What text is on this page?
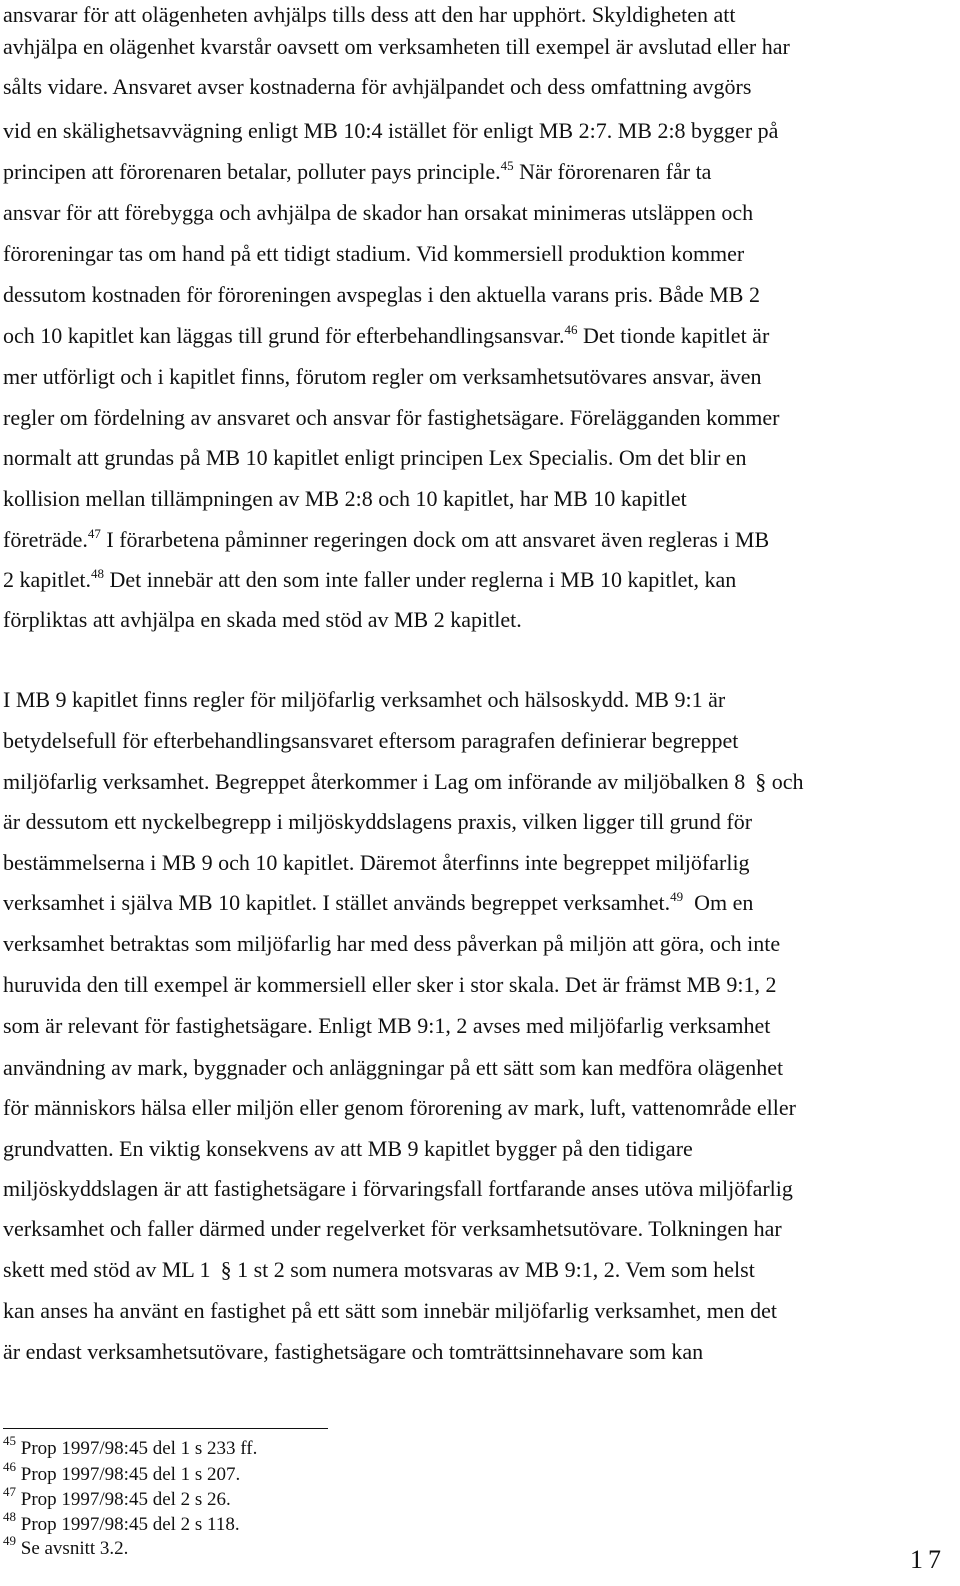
ansvarar för att olägenheten avhjälps tills dess att den har upphört. Skyldigheten att
avhjälpa en olägenhet kvarstår oavsett om verksamheten till exempel är avslutad eller har
sålts vidare. Ansvaret avser kostnaderna för avhjälpandet och dess omfattning avgörs
vid en skälighetsavvägning enligt MB 10:4 istället för enligt MB 2:7. MB 2:8 bygger på
principen att förorenaren betalar, polluter pays principle.$^{45}$ När förorenaren får ta
ansvar för att förebygga och avhjälpa de skador han orsakat minimeras utsläppen och
föroreningar tas om hand på ett tidigt stadium. Vid kommersiell produktion kommer
dessutom kostnaden för föroreningen avspeglas i den aktuella varans pris. Både MB 2
och 10 kapitlet kan läggas till grund för efterbehandlingsansvar.$^{46}$ Det tionde kapitlet är
mer utförligt och i kapitlet finns, förutom regler om verksamhetsutövares ansvar, även
regler om fördelning av ansvaret och ansvar för fastighetsägare. Förelägganden kommer
normalt att grundas på MB 10 kapitlet enligt principen Lex Specialis. Om det blir en
kollision mellan tillämpningen av MB 2:8 och 10 kapitlet, har MB 10 kapitlet
företräde.$^{47}$ I förarbetena påminner regeringen dock om att ansvaret även regleras i MB
2 kapitlet.$^{48}$ Det innebär att den som inte faller under reglerna i MB 10 kapitlet, kan
förpliktas att avhjälpa en skada med stöd av MB 2 kapitlet.
I MB 9 kapitlet finns regler för miljöfarlig verksamhet och hälsoskydd. MB 9:1 är
betydelsefull för efterbehandlingsansvaret eftersom paragrafen definierar begreppet
miljöfarlig verksamhet. Begreppet återkommer i Lag om införande av miljöbalken 8 § och
är dessutom ett nyckelbegrepp i miljöskyddslagens praxis, vilken ligger till grund för
bestämmelserna i MB 9 och 10 kapitlet. Däremot återfinns inte begreppet miljöfarlig
verksamhet i själva MB 10 kapitlet. I stället används begreppet verksamhet.$^{49}$  Om en
verksamhet betraktas som miljöfarlig har med dess påverkan på miljön att göra, och inte
huruvida den till exempel är kommersiell eller sker i stor skala. Det är främst MB 9:1, 2
som är relevant för fastighetsägare. Enligt MB 9:1, 2 avses med miljöfarlig verksamhet
användning av mark, byggnader och anläggningar på ett sätt som kan medföra olägenhet
för människors hälsa eller miljön eller genom förorening av mark, luft, vattenområde eller
grundvatten. En viktig konsekvens av att MB 9 kapitlet bygger på den tidigare
miljöskyddslagen är att fastighetsägare i förvaringsfall fortfarande anses utöva miljöfarlig
verksamhet och faller därmed under regelverket för verksamhetsutövare. Tolkningen har
skett med stöd av ML 1 § 1 st 2 som numera motsvaras av MB 9:1, 2. Vem som helst
kan anses ha använt en fastighet på ett sätt som innebär miljöfarlig verksamhet, men det
är endast verksamhetsutövare, fastighetsägare och tomträttsinnehavare som kan
$^{45}$ Prop 1997/98:45 del 1 s 233 ff.
$^{46}$ Prop 1997/98:45 del 1 s 207.
$^{47}$ Prop 1997/98:45 del 2 s 26.
$^{48}$ Prop 1997/98:45 del 2 s 118.
$^{49}$ Se avsnitt 3.2.	17
